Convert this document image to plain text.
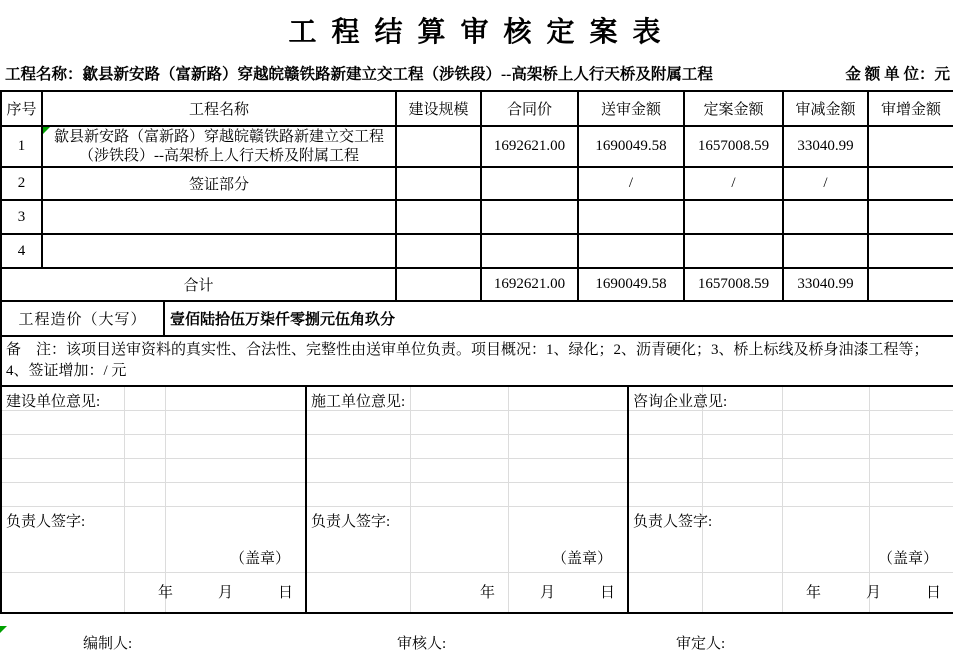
工 程 结 算 审 核 定 案 表
工程名称：歙县新安路（富新路）穿越皖赣铁路新建立交工程（涉铁段）--高架桥上人行天桥及附属工程	金 额 单 位：元
序号	工程名称	建设规模	合同价	送审金额	定案金额	审减金额	审增金额
1	歙县新安路（富新路）穿越皖赣铁路新建立交工程（涉铁段）--高架桥上人行天桥及附属工程		1692621.00	1690049.58	1657008.59	33040.99	
2	签证部分			/	/	/	
3							
4							
合计			1692621.00	1690049.58	1657008.59	33040.99	
工程造价（大写）	壹佰陆拾伍万柒仟零捌元伍角玖分
备　注：该项目送审资料的真实性、合法性、完整性由送审单位负责。项目概况：1、绿化；2、沥青硬化；3、桥上标线及桥身油漆工程等；4、签证增加：/ 元
建设单位意见:
负责人签字:
（盖章）
年　　　月　　　日

施工单位意见:
负责人签字:
（盖章）
年　　　月　　　日

咨询企业意见:
负责人签字:
（盖章）
年　　　月　　　日
编制人:	审核人:	审定人:
